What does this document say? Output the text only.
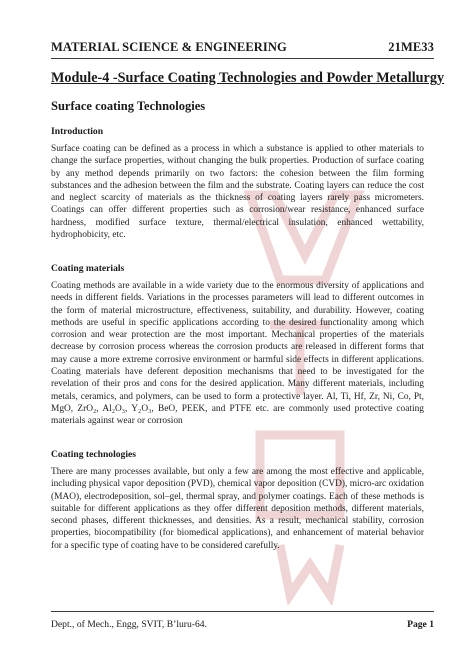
MATERIAL SCIENCE & ENGINEERING	21ME33
Module-4 -Surface Coating Technologies and Powder Metallurgy
Surface coating Technologies
Introduction
Surface coating can be defined as a process in which a substance is applied to other materials to change the surface properties, without changing the bulk properties. Production of surface coating by any method depends primarily on two factors: the cohesion between the film forming substances and the adhesion between the film and the substrate. Coating layers can reduce the cost and neglect scarcity of materials as the thickness of coating layers rarely pass micrometers. Coatings can offer different properties such as corrosion/wear resistance, enhanced surface hardness, modified surface texture, thermal/electrical insulation, enhanced wettability, hydrophobicity, etc.
Coating materials
Coating methods are available in a wide variety due to the enormous diversity of applications and needs in different fields. Variations in the processes parameters will lead to different outcomes in the form of material microstructure, effectiveness, suitability, and durability. However, coating methods are useful in specific applications according to the desired functionality among which corrosion and wear protection are the most important. Mechanical properties of the materials decrease by corrosion process whereas the corrosion products are released in different forms that may cause a more extreme corrosive environment or harmful side effects in different applications. Coating materials have deferent deposition mechanisms that need to be investigated for the revelation of their pros and cons for the desired application. Many different materials, including metals, ceramics, and polymers, can be used to form a protective layer. Al, Ti, Hf, Zr, Ni, Co, Pt, MgO, ZrO₂, Al₂O₃, Y₂O₃, BeO, PEEK, and PTFE etc. are commonly used protective coating materials against wear or corrosion
Coating technologies
There are many processes available, but only a few are among the most effective and applicable, including physical vapor deposition (PVD), chemical vapor deposition (CVD), micro-arc oxidation (MAO), electrodeposition, sol–gel, thermal spray, and polymer coatings. Each of these methods is suitable for different applications as they offer different deposition methods, different materials, second phases, different thicknesses, and densities. As a result, mechanical stability, corrosion properties, biocompatibility (for biomedical applications), and enhancement of material behavior for a specific type of coating have to be considered carefully.
Dept., of Mech., Engg, SVIT, B’luru-64.	Page 1
